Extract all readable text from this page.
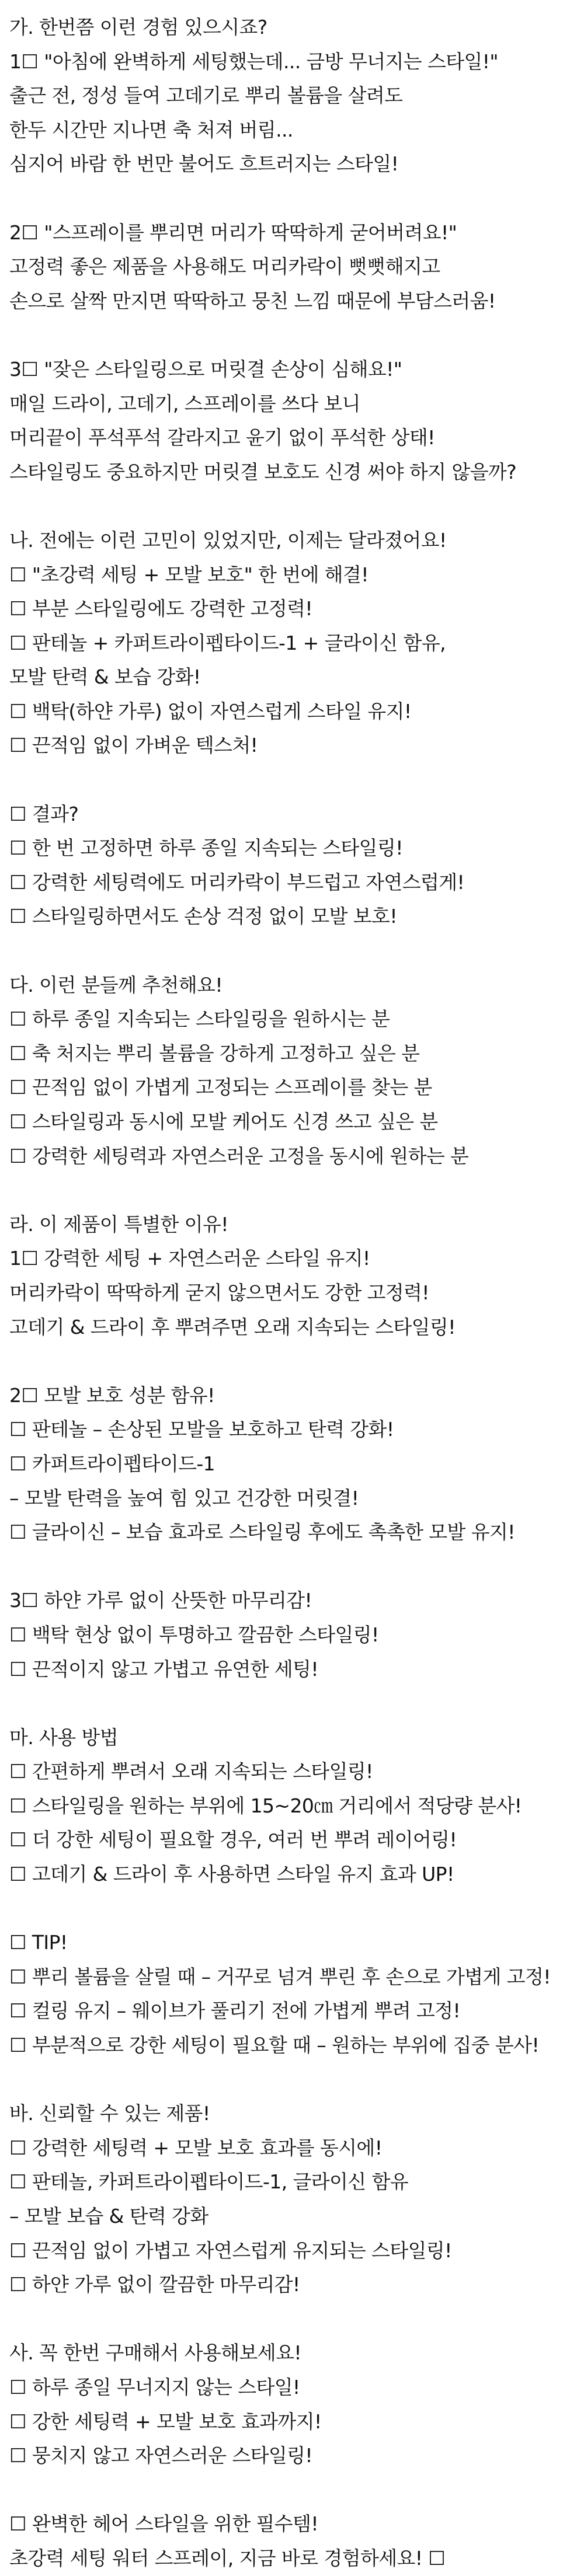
가. 한번쯤 이런 경험 있으시죠?
1☐ "아침에 완벽하게 세팅했는데... 금방 무너지는 스타일!"
출근 전, 정성 들여 고데기로 뿌리 볼륨을 살려도
한두 시간만 지나면 축 처져 버림...
심지어 바람 한 번만 불어도 흐트러지는 스타일!
2☐ "스프레이를 뿌리면 머리가 딱딱하게 굳어버려요!"
고정력 좋은 제품을 사용해도 머리카락이 뻣뻣해지고
손으로 살짝 만지면 딱딱하고 뭉친 느낌 때문에 부담스러움!
3☐ "잦은 스타일링으로 머릿결 손상이 심해요!"
매일 드라이, 고데기, 스프레이를 쓰다 보니
머리끝이 푸석푸석 갈라지고 윤기 없이 푸석한 상태!
스타일링도 중요하지만 머릿결 보호도 신경 써야 하지 않을까?
나. 전에는 이런 고민이 있었지만, 이제는 달라졌어요!
☐ "초강력 세팅 + 모발 보호" 한 번에 해결!
☐ 부분 스타일링에도 강력한 고정력!
☐ 판테놀 + 카퍼트라이펩타이드-1 + 글라이신 함유,
모발 탄력 & 보습 강화!
☐ 백탁(하얀 가루) 없이 자연스럽게 스타일 유지!
☐ 끈적임 없이 가벼운 텍스처!
☐ 결과?
☐ 한 번 고정하면 하루 종일 지속되는 스타일링!
☐ 강력한 세팅력에도 머리카락이 부드럽고 자연스럽게!
☐ 스타일링하면서도 손상 걱정 없이 모발 보호!
다. 이런 분들께 추천해요!
☐ 하루 종일 지속되는 스타일링을 원하시는 분
☐ 축 처지는 뿌리 볼륨을 강하게 고정하고 싶은 분
☐ 끈적임 없이 가볍게 고정되는 스프레이를 찾는 분
☐ 스타일링과 동시에 모발 케어도 신경 쓰고 싶은 분
☐ 강력한 세팅력과 자연스러운 고정을 동시에 원하는 분
라. 이 제품이 특별한 이유!
1☐ 강력한 세팅 + 자연스러운 스타일 유지!
머리카락이 딱딱하게 굳지 않으면서도 강한 고정력!
고데기 & 드라이 후 뿌려주면 오래 지속되는 스타일링!
2☐ 모발 보호 성분 함유!
☐ 판테놀 – 손상된 모발을 보호하고 탄력 강화!
☐ 카퍼트라이펩타이드-1
– 모발 탄력을 높여 힘 있고 건강한 머릿결!
☐ 글라이신 – 보습 효과로 스타일링 후에도 촉촉한 모발 유지!
3☐ 하얀 가루 없이 산뜻한 마무리감!
☐ 백탁 현상 없이 투명하고 깔끔한 스타일링!
☐ 끈적이지 않고 가볍고 유연한 세팅!
마. 사용 방법
☐ 간편하게 뿌려서 오래 지속되는 스타일링!
☐ 스타일링을 원하는 부위에 15~20㎝ 거리에서 적당량 분사!
☐ 더 강한 세팅이 필요할 경우, 여러 번 뿌려 레이어링!
☐ 고데기 & 드라이 후 사용하면 스타일 유지 효과 UP!
☐ TIP!
☐ 뿌리 볼륨을 살릴 때 – 거꾸로 넘겨 뿌린 후 손으로 가볍게 고정!
☐ 컬링 유지 – 웨이브가 풀리기 전에 가볍게 뿌려 고정!
☐ 부분적으로 강한 세팅이 필요할 때 – 원하는 부위에 집중 분사!
바. 신뢰할 수 있는 제품!
☐ 강력한 세팅력 + 모발 보호 효과를 동시에!
☐ 판테놀, 카퍼트라이펩타이드-1, 글라이신 함유
– 모발 보습 & 탄력 강화
☐ 끈적임 없이 가볍고 자연스럽게 유지되는 스타일링!
☐ 하얀 가루 없이 깔끔한 마무리감!
사. 꼭 한번 구매해서 사용해보세요!
☐ 하루 종일 무너지지 않는 스타일!
☐ 강한 세팅력 + 모발 보호 효과까지!
☐ 뭉치지 않고 자연스러운 스타일링!
☐ 완벽한 헤어 스타일을 위한 필수템!
초강력 세팅 워터 스프레이, 지금 바로 경험하세요! ☐
